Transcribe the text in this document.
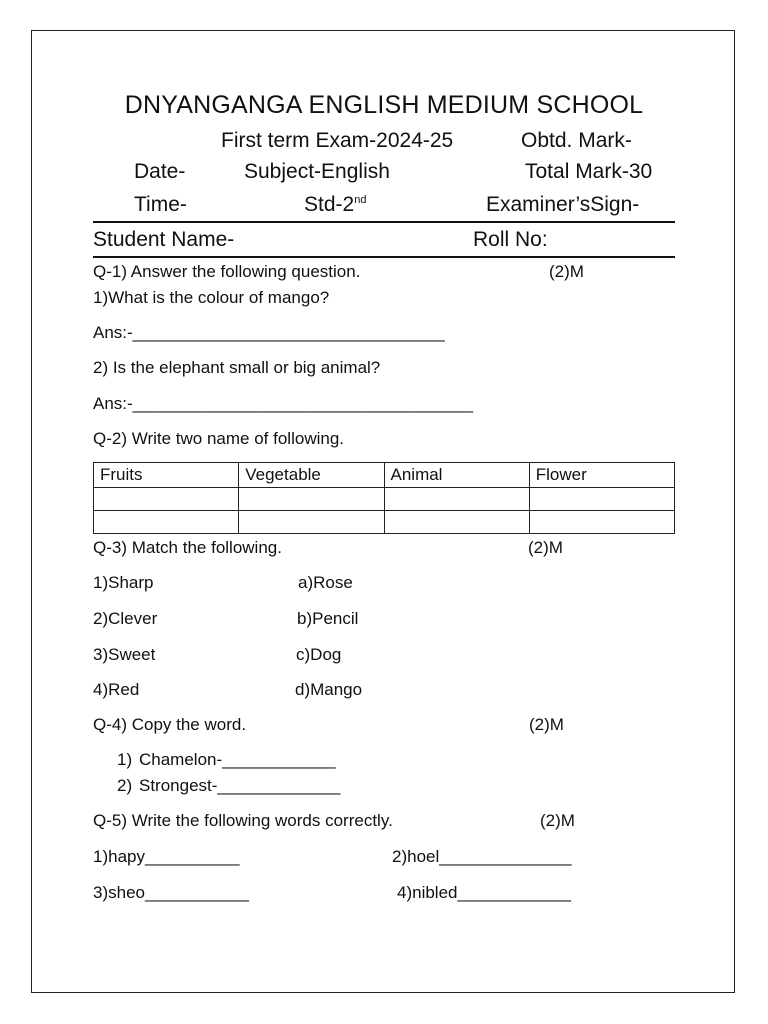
DNYANGANGA ENGLISH MEDIUM SCHOOL
First term Exam-2024-25	Obtd. Mark-
Date-	Subject-English	Total Mark-30
Time-	Std-2nd	Examiner’sSign-
Student Name-	Roll No:
Q-1) Answer the following question.	(2)M
1)What is the colour of mango?
Ans:-_________________________________
2) Is the elephant small or big animal?
Ans:-____________________________________
Q-2) Write two name of following.
Fruits	Vegetable	Animal	Flower

Q-3) Match the following.	(2)M
1)Sharp	a)Rose
2)Clever	b)Pencil
3)Sweet	c)Dog
4)Red	d)Mango
Q-4) Copy the word.	(2)M
1) Chamelon-____________
2) Strongest-_____________
Q-5) Write the following words correctly.	(2)M
1)hapy__________	2)hoel______________
3)sheo___________	4)nibled____________
